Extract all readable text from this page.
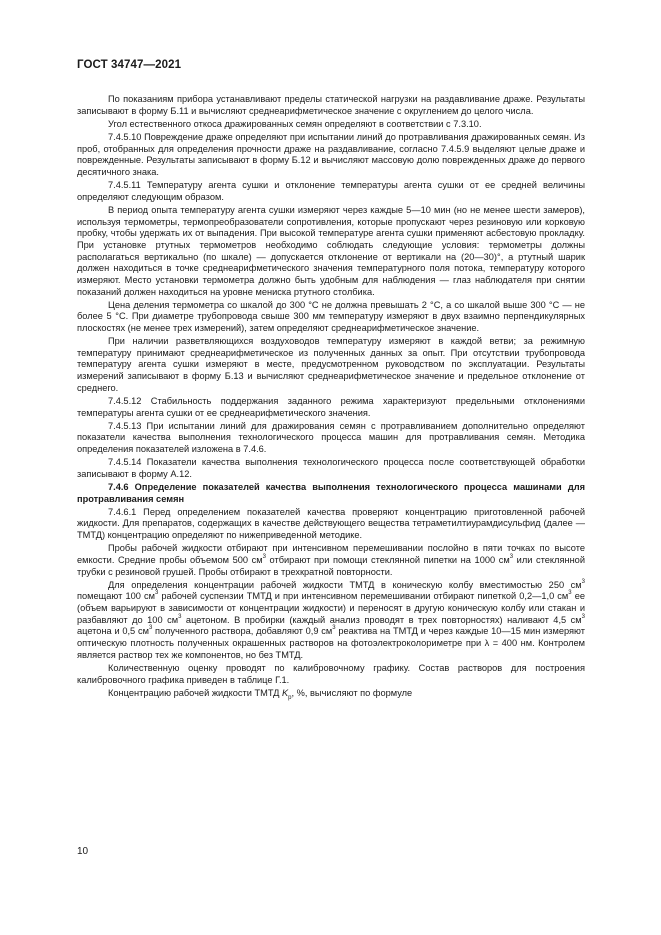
ГОСТ 34747—2021

По показаниям прибора устанавливают пределы статической нагрузки на раздавливание драже. Результаты записывают в форму Б.11 и вычисляют среднеарифметическое значение с округлением до целого числа.

Угол естественного откоса дражированных семян определяют в соответствии с 7.3.10.

7.4.5.10 Повреждение драже определяют при испытании линий до протравливания дражированных семян. Из проб, отобранных для определения прочности драже на раздавливание, согласно 7.4.5.9 выделяют целые драже и поврежденные. Результаты записывают в форму Б.12 и вычисляют массовую долю поврежденных драже до первого десятичного знака.

7.4.5.11 Температуру агента сушки и отклонение температуры агента сушки от ее средней величины определяют следующим образом.

В период опыта температуру агента сушки измеряют через каждые 5—10 мин (но не менее шести замеров), используя термометры, термопреобразователи сопротивления, которые пропускают через резиновую или корковую пробку, чтобы удержать их от выпадения. При высокой температуре агента сушки применяют асбестовую прокладку. При установке ртутных термометров необходимо соблюдать следующие условия: термометры должны располагаться вертикально (по шкале) — допускается отклонение от вертикали на (20—30)°, а ртутный шарик должен находиться в точке среднеарифметического значения температурного поля потока, температуру которого измеряют. Место установки термометра должно быть удобным для наблюдения — глаз наблюдателя при снятии показаний должен находиться на уровне мениска ртутного столбика.

Цена деления термометра со шкалой до 300 °С не должна превышать 2 °С, а со шкалой выше 300 °С — не более 5 °С. При диаметре трубопровода свыше 300 мм температуру измеряют в двух взаимно перпендикулярных плоскостях (не менее трех измерений), затем определяют среднеарифметическое значение.

При наличии разветвляющихся воздуховодов температуру измеряют в каждой ветви; за режимную температуру принимают среднеарифметическое из полученных данных за опыт. При отсутствии трубопровода температуру агента сушки измеряют в месте, предусмотренном руководством по эксплуатации. Результаты измерений записывают в форму Б.13 и вычисляют среднеарифметическое значение и предельное отклонение от среднего.

7.4.5.12 Стабильность поддержания заданного режима характеризуют предельными отклонениями температуры агента сушки от ее среднеарифметического значения.

7.4.5.13 При испытании линий для дражирования семян с протравливанием дополнительно определяют показатели качества выполнения технологического процесса машин для протравливания семян. Методика определения показателей изложена в 7.4.6.

7.4.5.14 Показатели качества выполнения технологического процесса после соответствующей обработки записывают в форму А.12.

7.4.6 Определение показателей качества выполнения технологического процесса машинами для протравливания семян

7.4.6.1 Перед определением показателей качества проверяют концентрацию приготовленной рабочей жидкости. Для препаратов, содержащих в качестве действующего вещества тетраметилтиурамдисульфид (далее — ТМТД) концентрацию определяют по нижеприведенной методике.

Пробы рабочей жидкости отбирают при интенсивном перемешивании послойно в пяти точках по высоте емкости. Средние пробы объемом 500 $см^3$ отбирают при помощи стеклянной пипетки на 1000 $см^3$ или стеклянной трубки с резиновой грушей. Пробы отбирают в трехкратной повторности.

Для определения концентрации рабочей жидкости ТМТД в коническую колбу вместимостью 250 $см^3$ помещают 100 $см^3$ рабочей суспензии ТМТД и при интенсивном перемешивании отбирают пипеткой 0,2—1,0 $см^3$ ее (объем варьируют в зависимости от концентрации жидкости) и переносят в другую коническую колбу или стакан и разбавляют до 100 $см^3$ ацетоном. В пробирки (каждый анализ проводят в трех повторностях) наливают 4,5 $см^3$ ацетона и 0,5 $см^3$ полученного раствора, добавляют 0,9 $см^3$ реактива на ТМТД и через каждые 10—15 мин измеряют оптическую плотность полученных окрашенных растворов на фотоэлектроколориметре при λ = 400 нм. Контролем является раствор тех же компонентов, но без ТМТД.

Количественную оценку проводят по калибровочному графику. Состав растворов для построения калибровочного графика приведен в таблице Г.1.

Концентрацию рабочей жидкости ТМТД $K_р$, %, вычисляют по формуле

10
